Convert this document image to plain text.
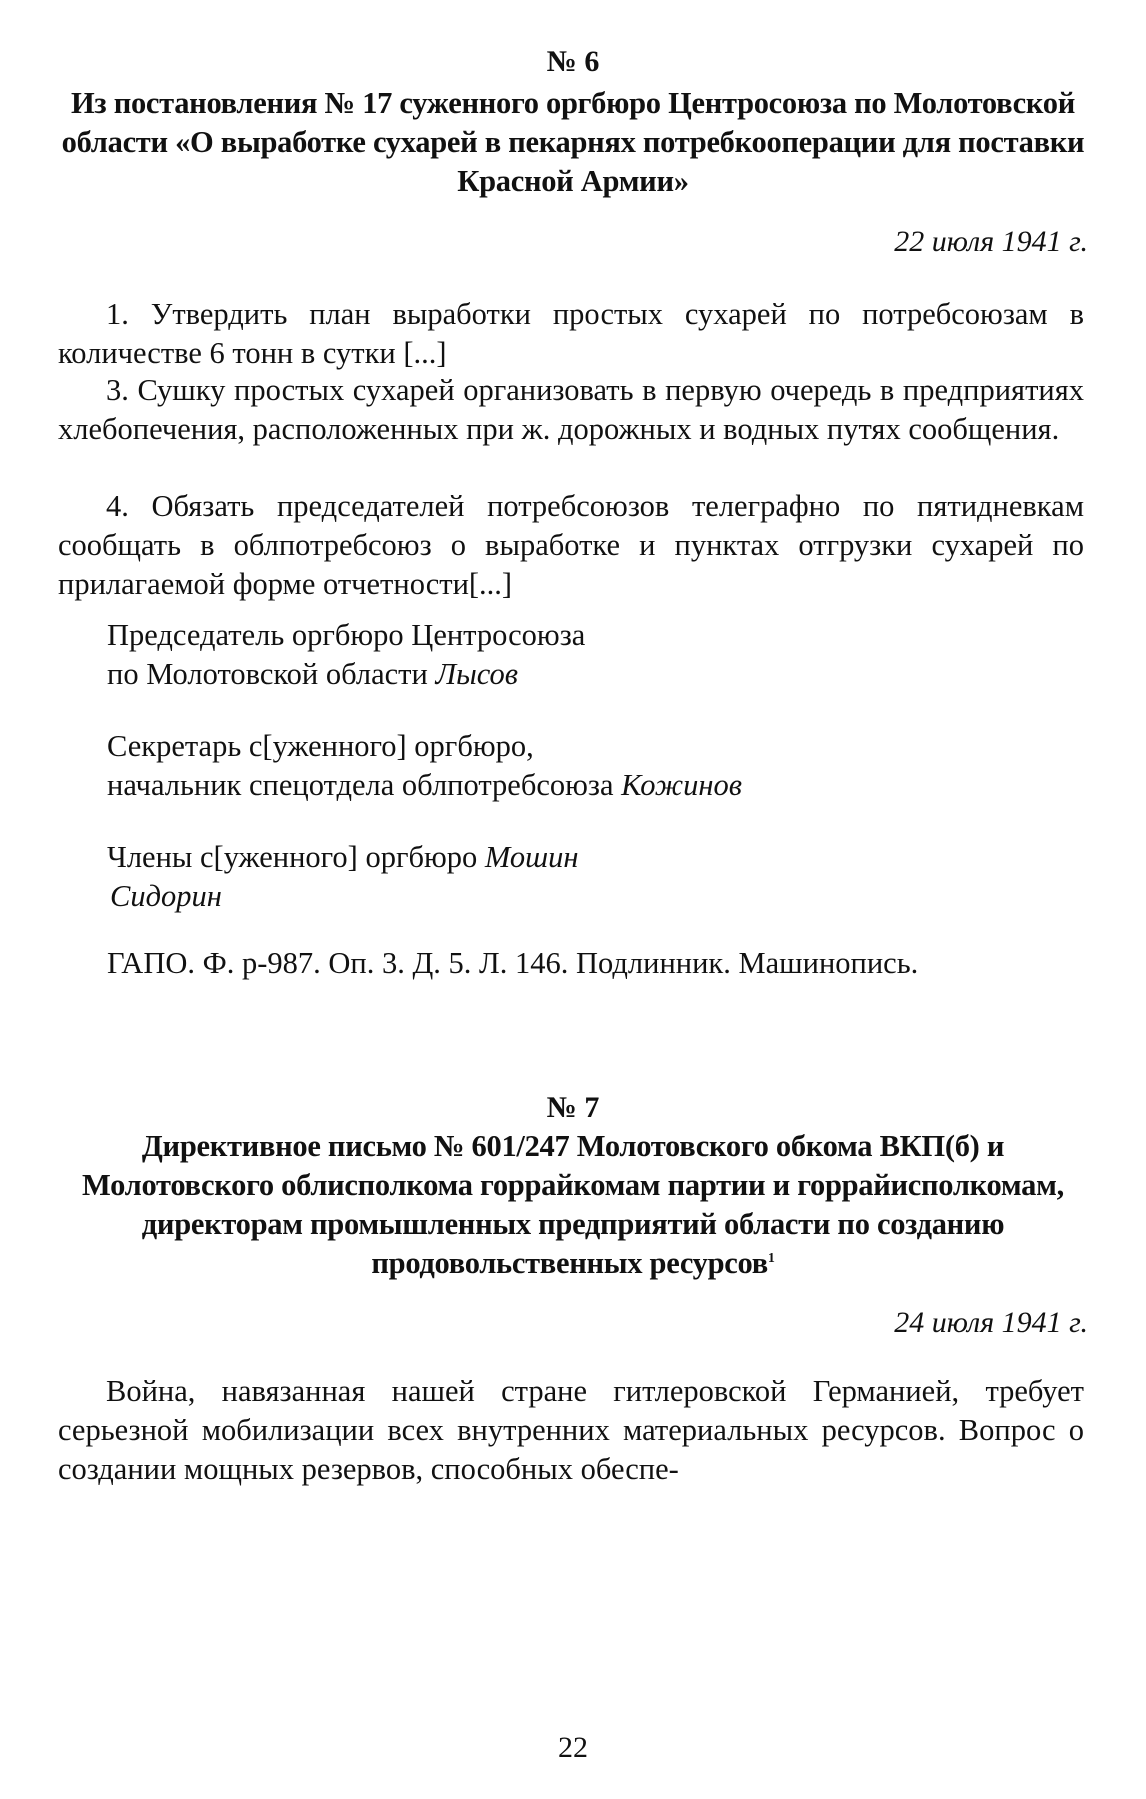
№ 6
Из постановления № 17 суженного оргбюро Центросоюза по Молотовской области «О выработке сухарей в пекарнях потребкооперации для поставки Красной Армии»
22 июля 1941 г.
1. Утвердить план выработки простых сухарей по потребсоюзам в количестве 6 тонн в сутки [...]
3. Сушку простых сухарей организовать в первую очередь в предприятиях хлебопечения, расположенных при ж. дорожных и водных путях сообщения.
4. Обязать председателей потребсоюзов телеграфно по пятидневкам сообщать в облпотребсоюз о выработке и пунктах отгрузки сухарей по прилагаемой форме отчетности[...]
Председатель оргбюро Центросоюза
по Молотовской области Лысов
Секретарь с[уженного] оргбюро,
начальник спецотдела облпотребсоюза Кожинов
Члены с[уженного] оргбюро Мошин
Сидорин
ГАПО. Ф. р-987. Оп. 3. Д. 5. Л. 146. Подлинник. Машинопись.
№ 7
Директивное письмо № 601/247 Молотовского обкома ВКП(б) и Молотовского облисполкома горрайкомам партии и горрайисполкомам, директорам промышленных предприятий области по созданию продовольственных ресурсов$^1$
24 июля 1941 г.
Война, навязанная нашей стране гитлеровской Германией, требует серьезной мобилизации всех внутренних материальных ресурсов. Вопрос о создании мощных резервов, способных обеспе-
22
